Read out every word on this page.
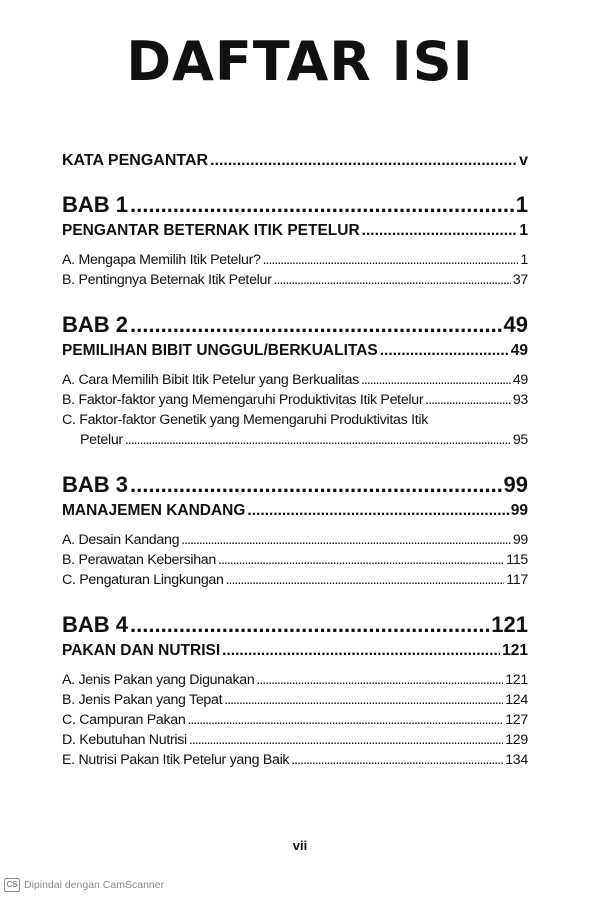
DAFTAR ISI
KATA PENGANTAR .....	v
BAB 1 .....	1
PENGANTAR BETERNAK ITIK PETELUR .....	1
A. Mengapa Memilih Itik Petelur? .....	1
B. Pentingnya Beternak Itik Petelur .....	37
BAB 2 .....	49
PEMILIHAN BIBIT UNGGUL/BERKUALITAS .....	49
A. Cara Memilih Bibit Itik Petelur yang Berkualitas .....	49
B. Faktor-faktor yang Memengaruhi Produktivitas Itik Petelur .....	93
C. Faktor-faktor Genetik yang Memengaruhi Produktivitas Itik
Petelur .....	95
BAB 3 .....	99
MANAJEMEN KANDANG .....	99
A. Desain Kandang .....	99
B. Perawatan Kebersihan .....	115
C. Pengaturan Lingkungan .....	117
BAB 4 .....	121
PAKAN DAN NUTRISI .....	121
A. Jenis Pakan yang Digunakan .....	121
B. Jenis Pakan yang Tepat .....	124
C. Campuran Pakan .....	127
D. Kebutuhan Nutrisi .....	129
E. Nutrisi Pakan Itik Petelur yang Baik .....	134
vii
CS Dipindai dengan CamScanner
